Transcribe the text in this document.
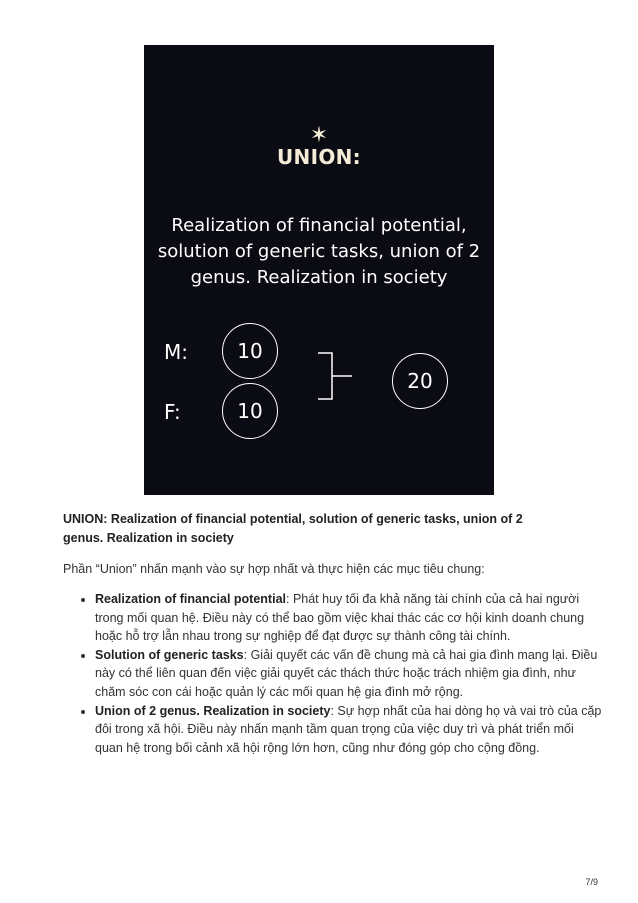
✶
UNION:
Realization of financial potential, solution of generic tasks, union of 2 genus. Realization in society
M:
F:
10
10
20
UNION: Realization of financial potential, solution of generic tasks, union of 2 genus. Realization in society
Phần “Union” nhấn mạnh vào sự hợp nhất và thực hiện các mục tiêu chung:
• Realization of financial potential: Phát huy tối đa khả năng tài chính của cả hai người trong mối quan hệ. Điều này có thể bao gồm việc khai thác các cơ hội kinh doanh chung hoặc hỗ trợ lẫn nhau trong sự nghiệp để đạt được sự thành công tài chính.
• Solution of generic tasks: Giải quyết các vấn đề chung mà cả hai gia đình mang lại. Điều này có thể liên quan đến việc giải quyết các thách thức hoặc trách nhiệm gia đình, như chăm sóc con cái hoặc quản lý các mối quan hệ gia đình mở rộng.
• Union of 2 genus. Realization in society: Sự hợp nhất của hai dòng họ và vai trò của cặp đôi trong xã hội. Điều này nhấn mạnh tầm quan trọng của việc duy trì và phát triển mối quan hệ trong bối cảnh xã hội rộng lớn hơn, cũng như đóng góp cho cộng đồng.
7/9
